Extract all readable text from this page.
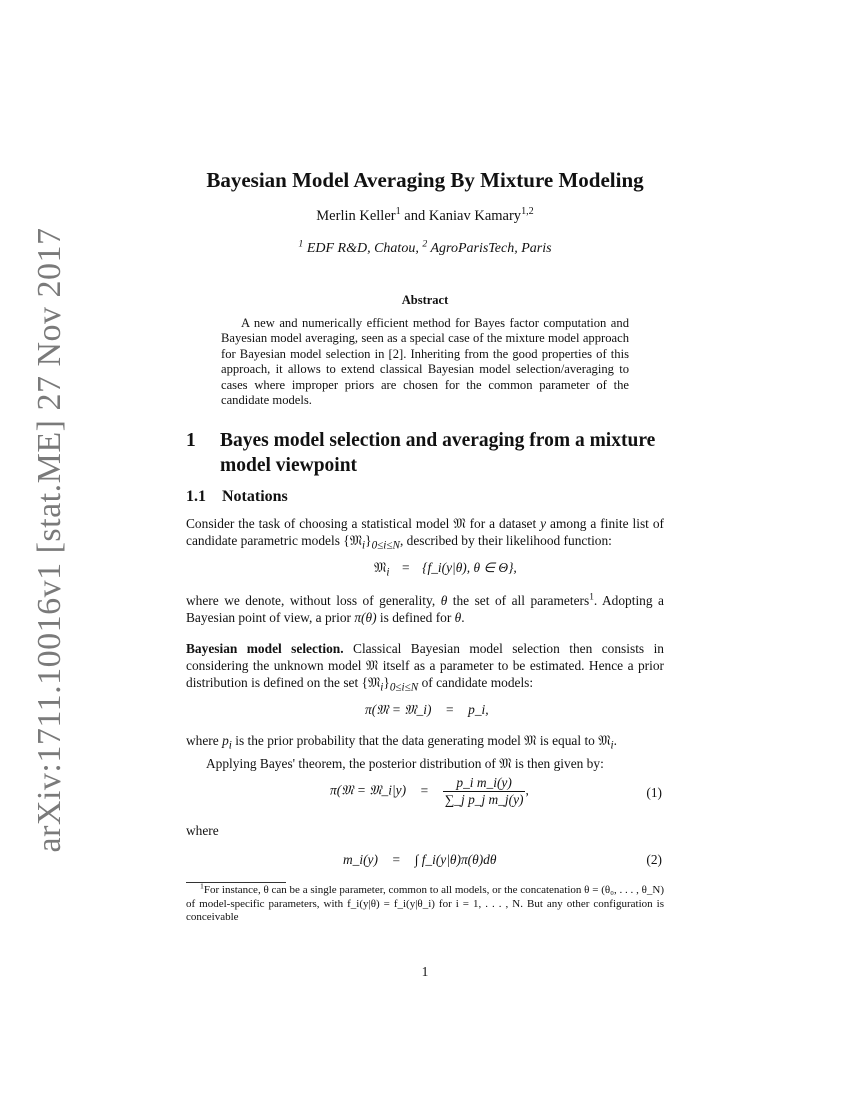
arXiv:1711.10016v1 [stat.ME] 27 Nov 2017
Bayesian Model Averaging By Mixture Modeling
Merlin Keller$^1$ and Kaniav Kamary$^{1,2}$
$^1$ EDF R&D, Chatou, $^2$ AgroParisTech, Paris
Abstract
A new and numerically efficient method for Bayes factor computation and Bayesian model averaging, seen as a special case of the mixture model approach for Bayesian model selection in [2]. Inheriting from the good properties of this approach, it allows to extend classical Bayesian model selection/averaging to cases where improper priors are chosen for the common parameter of the candidate models.
1 Bayes model selection and averaging from a mixture model viewpoint
1.1 Notations

Consider the task of choosing a statistical model 𝔐 for a dataset y among a finite list of candidate parametric models $\{𝔐_i\}_{0\le i\le N}$, described by their likelihood function:

𝔐$_i$ = {f_i(y|θ), θ ∈ Θ},

where we denote, without loss of generality, θ the set of all parameters$^1$. Adopting a Bayesian point of view, a prior π(θ) is defined for θ.

Bayesian model selection. Classical Bayesian model selection then consists in considering the unknown model 𝔐 itself as a parameter to be estimated. Hence a prior distribution is defined on the set $\{𝔐_i\}_{0\le i\le N}$ of candidate models:

π(𝔐 = 𝔐_i) = p_i,

where $p_i$ is the prior probability that the data generating model 𝔐 is equal to 𝔐$_i$.

Applying Bayes' theorem, the posterior distribution of 𝔐 is then given by:

π(𝔐 = 𝔐_i|y) = $\frac{\text{p\_i m\_i(y)}}{\text{∑\_j p\_j m\_j(y)}}$ ,	(1)

where

m_i(y) = ∫ f_i(y|θ)π(θ)dθ	(2)
$^1$For instance, θ can be a single parameter, common to all models, or the concatenation θ = (θ₀, . . . , θ_N) of model-specific parameters, with f_i(y|θ) = f_i(y|θ_i) for i = 1, . . . , N. But any other configuration is conceivable
1
